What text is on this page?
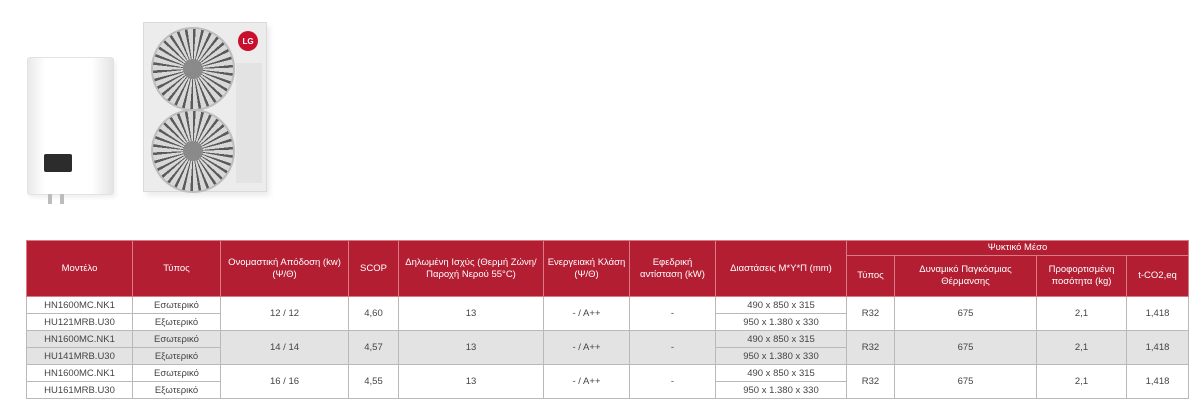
LG
Μοντέλο	Τύπος	Ονομαστική Απόδοση (kw) (Ψ/Θ)	SCOP	Δηλωμένη Ισχύς (Θερμή Ζώνη/ Παροχή Νερού 55°C)	Ενεργειακή Κλάση (Ψ/Θ)	Εφεδρική αντίσταση (kW)	Διαστάσεις Μ*Υ*Π (mm)	Ψυκτικό Μέσο			
								Τύπος	Δυναμικό Παγκόσμιας Θέρμανσης	Προφορτισμένη ποσότητα (kg)	t-CO2,eq
HN1600MC.NK1	Εσωτερικό	12 / 12	4,60	13	- / A++	-	490 x 850 x 315	R32	675	2,1	1,418
HU121MRB.U30	Εξωτερικό						950 x 1.380 x 330				
HN1600MC.NK1	Εσωτερικό	14 / 14	4,57	13	- / A++	-	490 x 850 x 315	R32	675	2,1	1,418
HU141MRB.U30	Εξωτερικό						950 x 1.380 x 330				
HN1600MC.NK1	Εσωτερικό	16 / 16	4,55	13	- / A++	-	490 x 850 x 315	R32	675	2,1	1,418
HU161MRB.U30	Εξωτερικό						950 x 1.380 x 330				
